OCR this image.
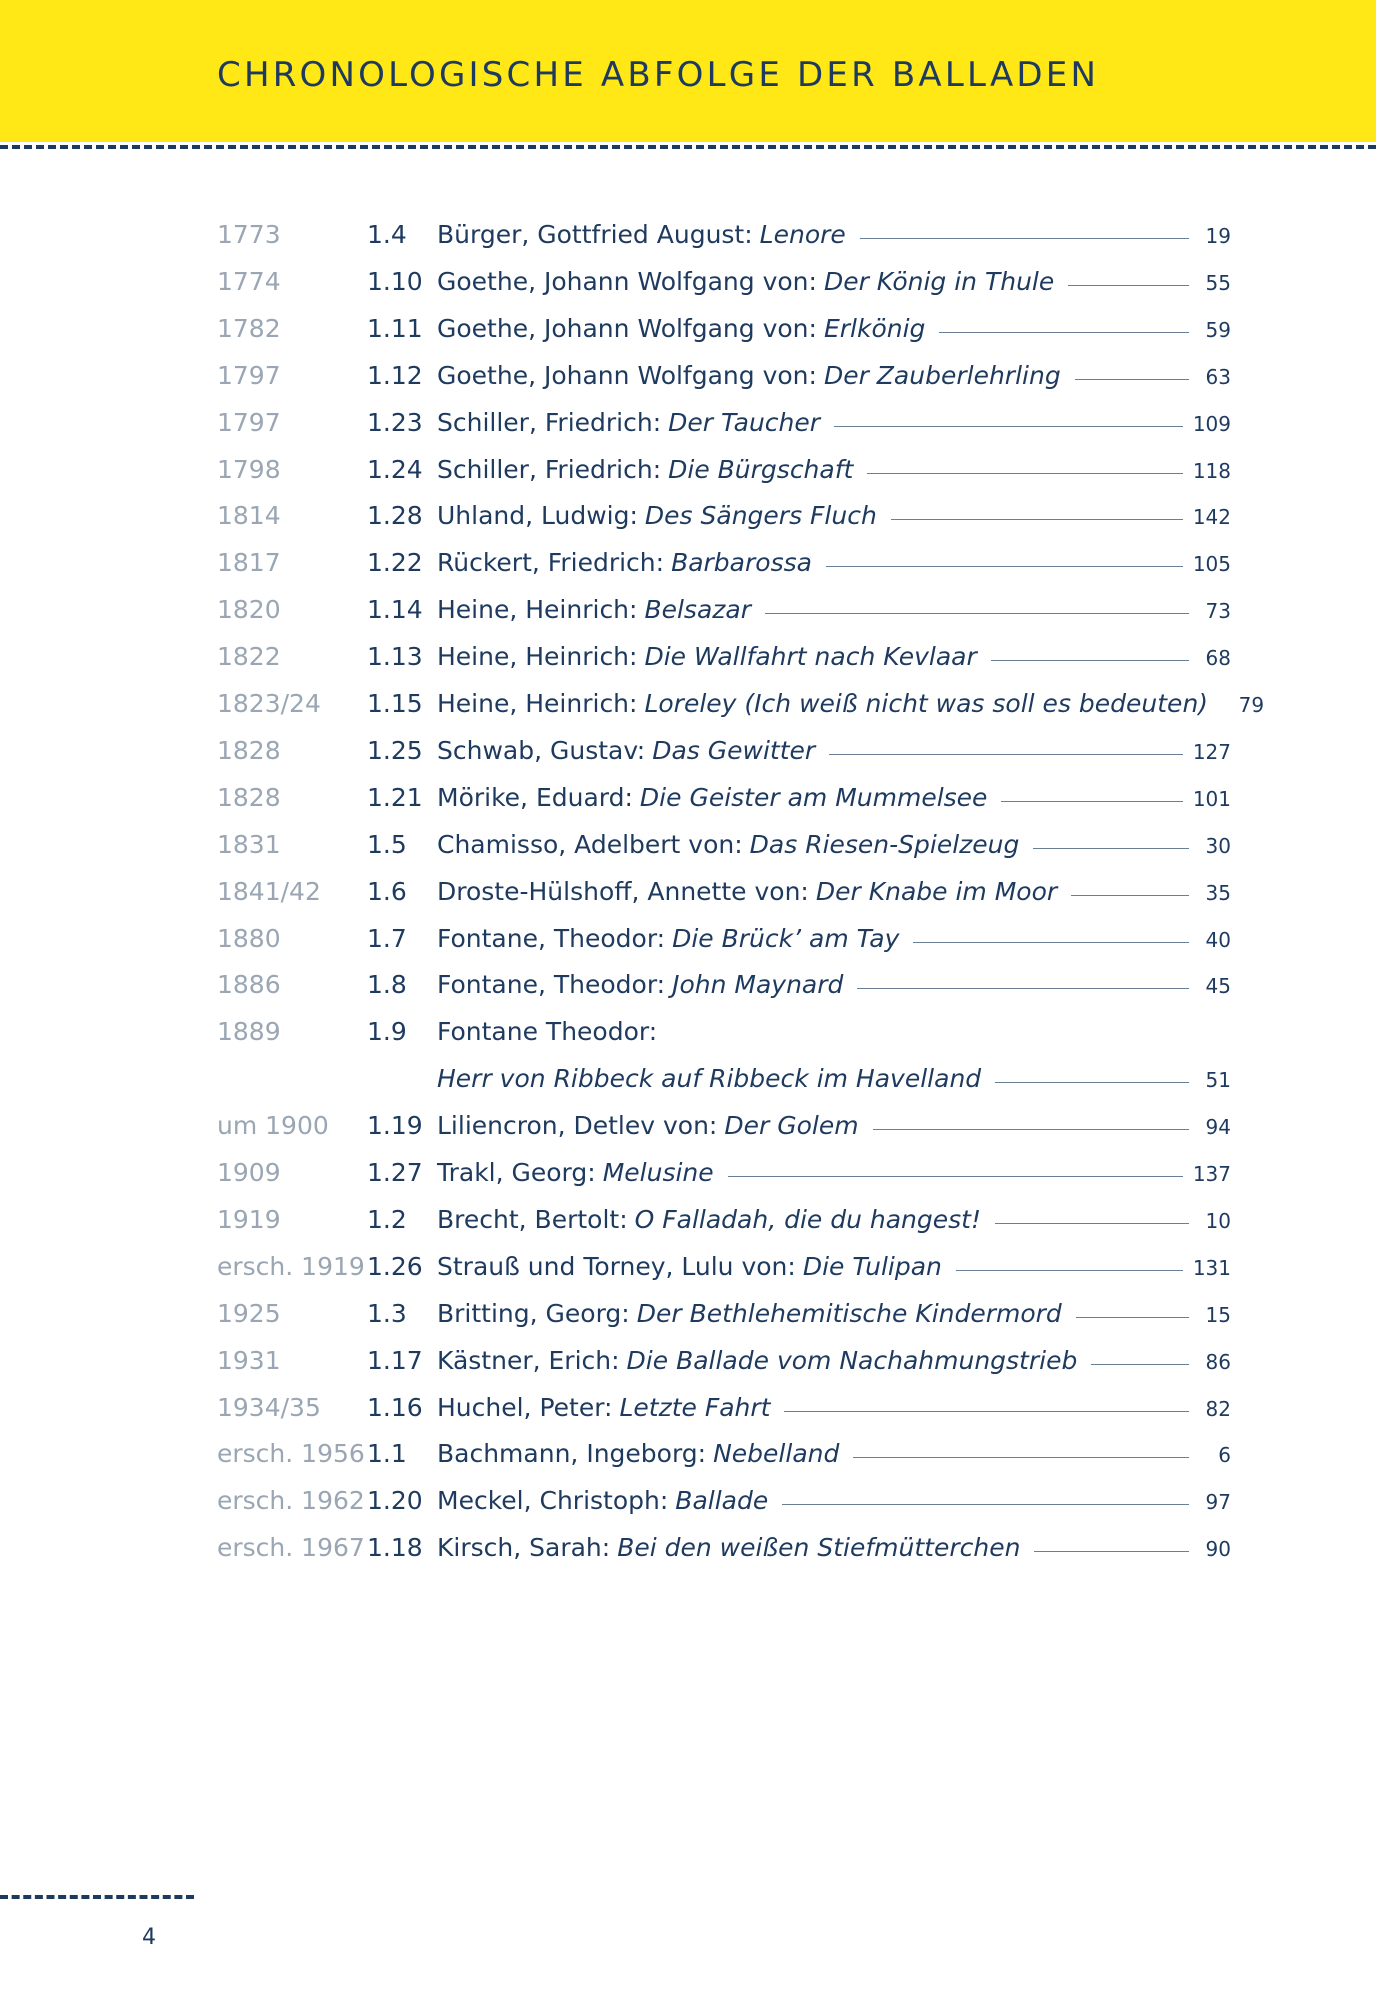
CHRONOLOGISCHE ABFOLGE DER BALLADEN
1773	1.4 Bürger, Gottfried August: Lenore	19
1774	1.10 Goethe, Johann Wolfgang von: Der König in Thule	55
1782	1.11 Goethe, Johann Wolfgang von: Erlkönig	59
1797	1.12 Goethe, Johann Wolfgang von: Der Zauberlehrling	63
1797	1.23 Schiller, Friedrich: Der Taucher	109
1798	1.24 Schiller, Friedrich: Die Bürgschaft	118
1814	1.28 Uhland, Ludwig: Des Sängers Fluch	142
1817	1.22 Rückert, Friedrich: Barbarossa	105
1820	1.14 Heine, Heinrich: Belsazar	73
1822	1.13 Heine, Heinrich: Die Wallfahrt nach Kevlaar	68
1823/24 1.15 Heine, Heinrich: Loreley (Ich weiß nicht was soll es bedeuten)	79
1828	1.25 Schwab, Gustav: Das Gewitter	127
1828	1.21 Mörike, Eduard: Die Geister am Mummelsee	101
1831	1.5 Chamisso, Adelbert von: Das Riesen-Spielzeug	30
1841/42 1.6 Droste-Hülshoff, Annette von: Der Knabe im Moor	35
1880	1.7 Fontane, Theodor: Die Brück’ am Tay	40
1886	1.8 Fontane, Theodor: John Maynard	45
1889	1.9 Fontane Theodor:
Herr von Ribbeck auf Ribbeck im Havelland	51
um 1900 1.19 Liliencron, Detlev von: Der Golem	94
1909	1.27 Trakl, Georg: Melusine	137
1919	1.2 Brecht, Bertolt: O Falladah, die du hangest!	10
ersch. 1919 1.26 Strauß und Torney, Lulu von: Die Tulipan	131
1925	1.3 Britting, Georg: Der Bethlehemitische Kindermord	15
1931	1.17 Kästner, Erich: Die Ballade vom Nachahmungstrieb	86
1934/35 1.16 Huchel, Peter: Letzte Fahrt	82
ersch. 1956 1.1 Bachmann, Ingeborg: Nebelland	6
ersch. 1962 1.20 Meckel, Christoph: Ballade	97
ersch. 1967 1.18 Kirsch, Sarah: Bei den weißen Stiefmütterchen	90
4
